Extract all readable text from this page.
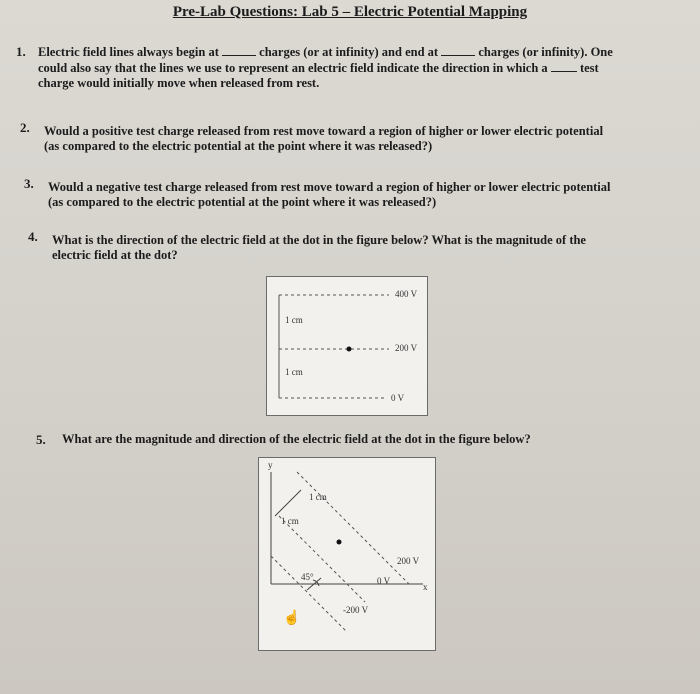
Pre-Lab Questions: Lab 5 – Electric Potential Mapping
1. Electric field lines always begin at	charges (or at infinity) and end at	charges (or infinity). One
could also say that the lines we use to represent an electric field indicate the direction in which a	test
charge would initially move when released from rest.
2. Would a positive test charge released from rest move toward a region of higher or lower electric potential
(as compared to the electric potential at the point where it was released?)
3. Would a negative test charge released from rest move toward a region of higher or lower electric potential
(as compared to the electric potential at the point where it was released?)
4. What is the direction of the electric field at the dot in the figure below? What is the magnitude of the
electric field at the dot?
400 V
200 V
0 V
1 cm
1 cm
5. What are the magnitude and direction of the electric field at the dot in the figure below?
y
x
1 cm
1 cm
200 V
0 V
-200 V
45°
☝
